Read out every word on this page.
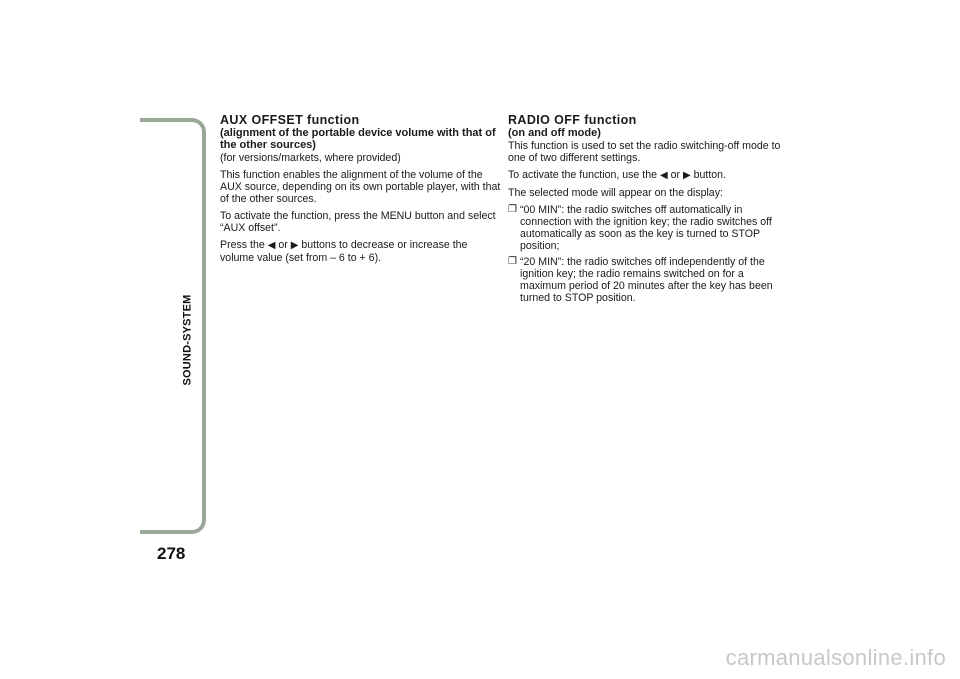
SOUND-SYSTEM
278
AUX OFFSET function
(alignment of the portable device volume with that of the other sources)

(for versions/markets, where provided)

This function enables the alignment of the volume of the AUX source, depending on its own portable player, with that of the other sources.

To activate the function, press the MENU button and select “AUX offset”.

Press the ◀ or ▶ buttons to decrease or increase the volume value (set from – 6 to + 6).

RADIO OFF function
(on and off mode)

This function is used to set the radio switching-off mode to one of two different settings.

To activate the function, use the ◀ or ▶ button.

The selected mode will appear on the display:

❐ “00 MIN”: the radio switches off automatically in connection with the ignition key; the radio switches off automatically as soon as the key is turned to STOP position;
❐ “20 MIN”: the radio switches off independently of the ignition key; the radio remains switched on for a maximum period of 20 minutes after the key has been turned to STOP position.
carmanualsonline.info
